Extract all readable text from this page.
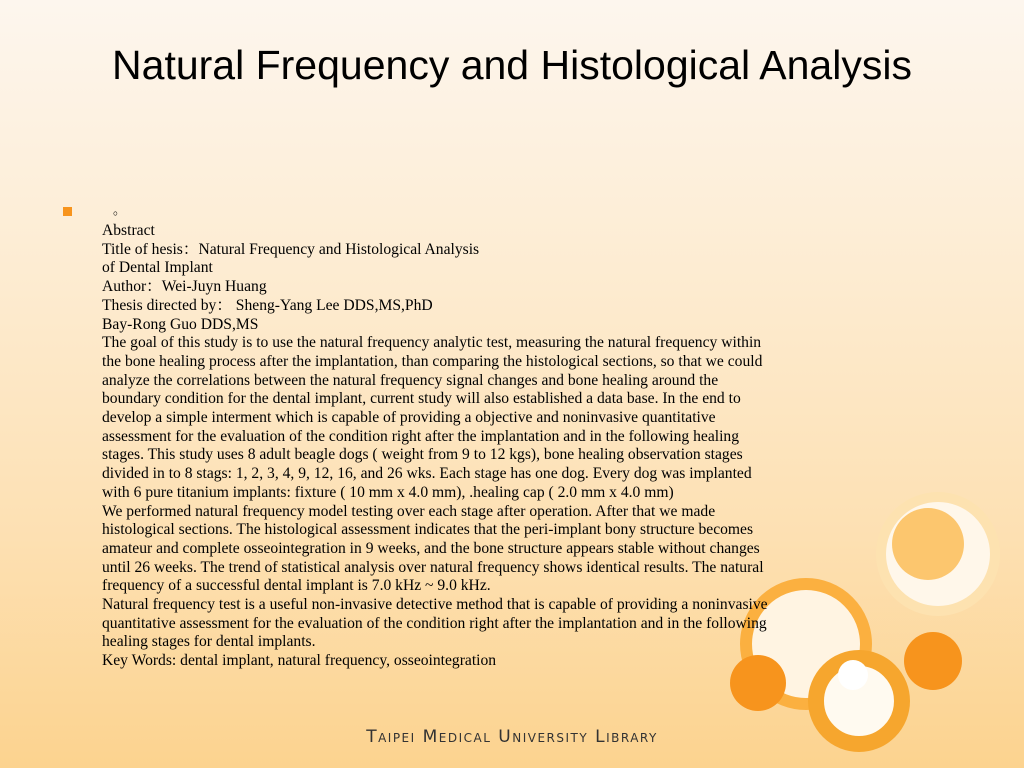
Natural Frequency and Histological Analysis
。
Abstract
Title of hesis：Natural Frequency and Histological Analysis
of Dental Implant
Author：Wei-Juyn Huang
Thesis directed by： Sheng-Yang Lee DDS,MS,PhD
Bay-Rong Guo DDS,MS
The goal of this study is to use the natural frequency analytic test, measuring the natural frequency within
the bone healing process after the implantation, than comparing the histological sections, so that we could
analyze the correlations between the natural frequency signal changes and bone healing around the
boundary condition for the dental implant, current study will also established a data base. In the end to
develop a simple interment which is capable of providing a objective and noninvasive quantitative
assessment for the evaluation of the condition right after the implantation and in the following healing
stages. This study uses 8 adult beagle dogs ( weight from 9 to 12 kgs), bone healing observation stages
divided in to 8 stags: 1, 2, 3, 4, 9, 12, 16, and 26 wks. Each stage has one dog. Every dog was implanted
with 6 pure titanium implants: fixture ( 10 mm x 4.0 mm), .healing cap ( 2.0 mm x 4.0 mm)
We performed natural frequency model testing over each stage after operation. After that we made
histological sections. The histological assessment indicates that the peri-implant bony structure becomes
amateur and complete osseointegration in 9 weeks, and the bone structure appears stable without changes
until 26 weeks. The trend of statistical analysis over natural frequency shows identical results. The natural
frequency of a successful dental implant is 7.0 kHz ~ 9.0 kHz.
Natural frequency test is a useful non-invasive detective method that is capable of providing a noninvasive
quantitative assessment for the evaluation of the condition right after the implantation and in the following
healing stages for dental implants.
Key Words: dental implant, natural frequency, osseointegration
Taipei Medical University Library
